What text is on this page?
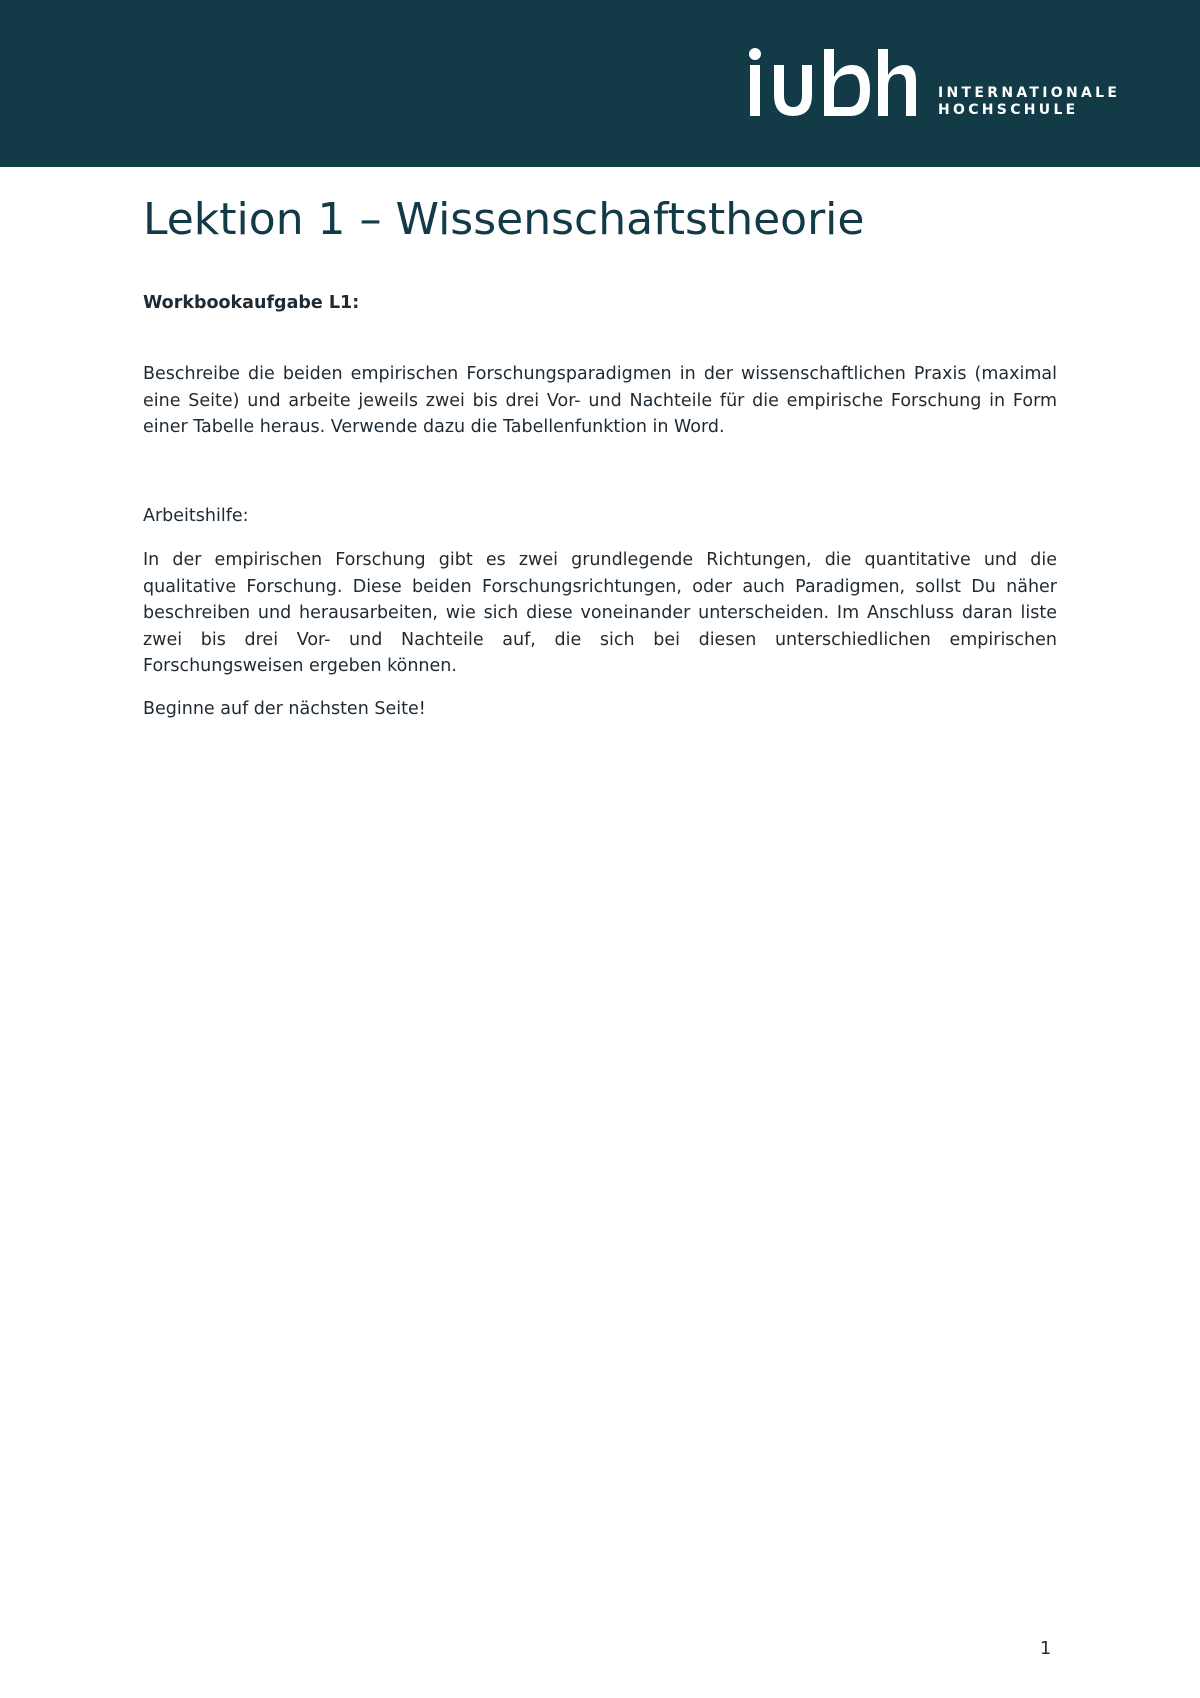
INTERNATIONALE
HOCHSCHULE
Lektion 1 – Wissenschaftstheorie

Workbookaufgabe L1:

Beschreibe die beiden empirischen Forschungsparadigmen in der wissenschaftlichen Praxis (maximal eine Seite) und arbeite jeweils zwei bis drei Vor- und Nachteile für die empirische Forschung in Form einer Tabelle heraus. Verwende dazu die Tabellenfunktion in Word.

Arbeitshilfe:

In der empirischen Forschung gibt es zwei grundlegende Richtungen, die quantitative und die qualitative Forschung. Diese beiden Forschungsrichtungen, oder auch Paradigmen, sollst Du näher beschreiben und herausarbeiten, wie sich diese voneinander unterscheiden. Im Anschluss daran liste zwei bis drei Vor- und Nachteile auf, die sich bei diesen unterschiedlichen empirischen Forschungsweisen ergeben können.

Beginne auf der nächsten Seite!

1
